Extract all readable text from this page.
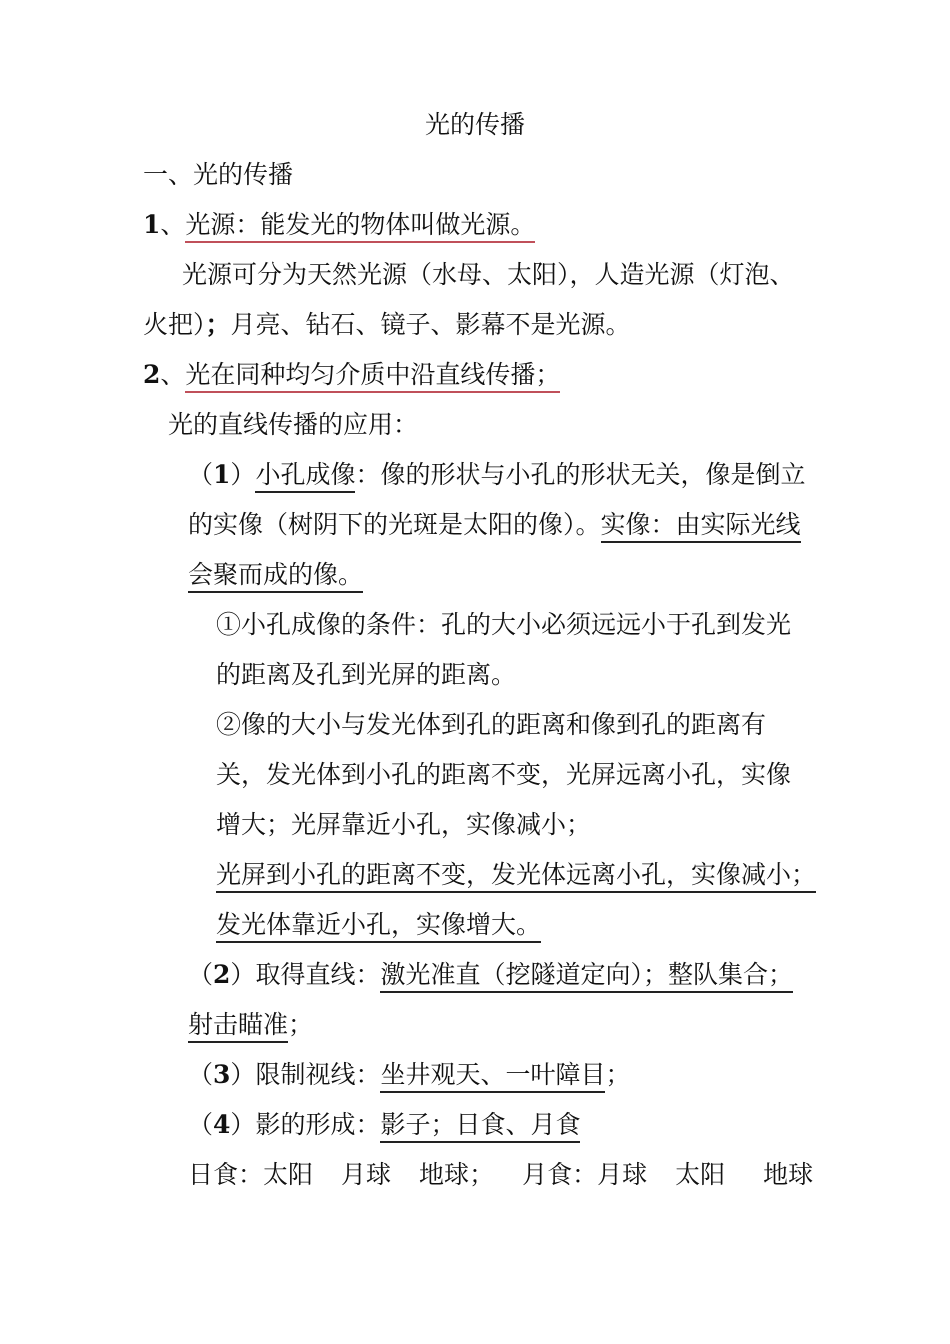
光的传播
一、光的传播
1、光源：能发光的物体叫做光源。
光源可分为天然光源（水母、太阳），人造光源（灯泡、
火把）；月亮、钻石、镜子、影幕不是光源。
2、光在同种均匀介质中沿直线传播；
光的直线传播的应用：
（1）小孔成像：像的形状与小孔的形状无关，像是倒立
的实像（树阴下的光斑是太阳的像）。实像：由实际光线
会聚而成的像。
①小孔成像的条件：孔的大小必须远远小于孔到发光
的距离及孔到光屏的距离。
②像的大小与发光体到孔的距离和像到孔的距离有
关，发光体到小孔的距离不变，光屏远离小孔，实像
增大；光屏靠近小孔，实像减小；
光屏到小孔的距离不变，发光体远离小孔，实像减小；
发光体靠近小孔，实像增大。
（2）取得直线：激光准直（挖隧道定向）；整队集合；
射击瞄准；
（3）限制视线：坐井观天、一叶障目；
（4）影的形成：影子；日食、月食
日食：太阳 月球 地球； 月食：月球 太阳 地球
